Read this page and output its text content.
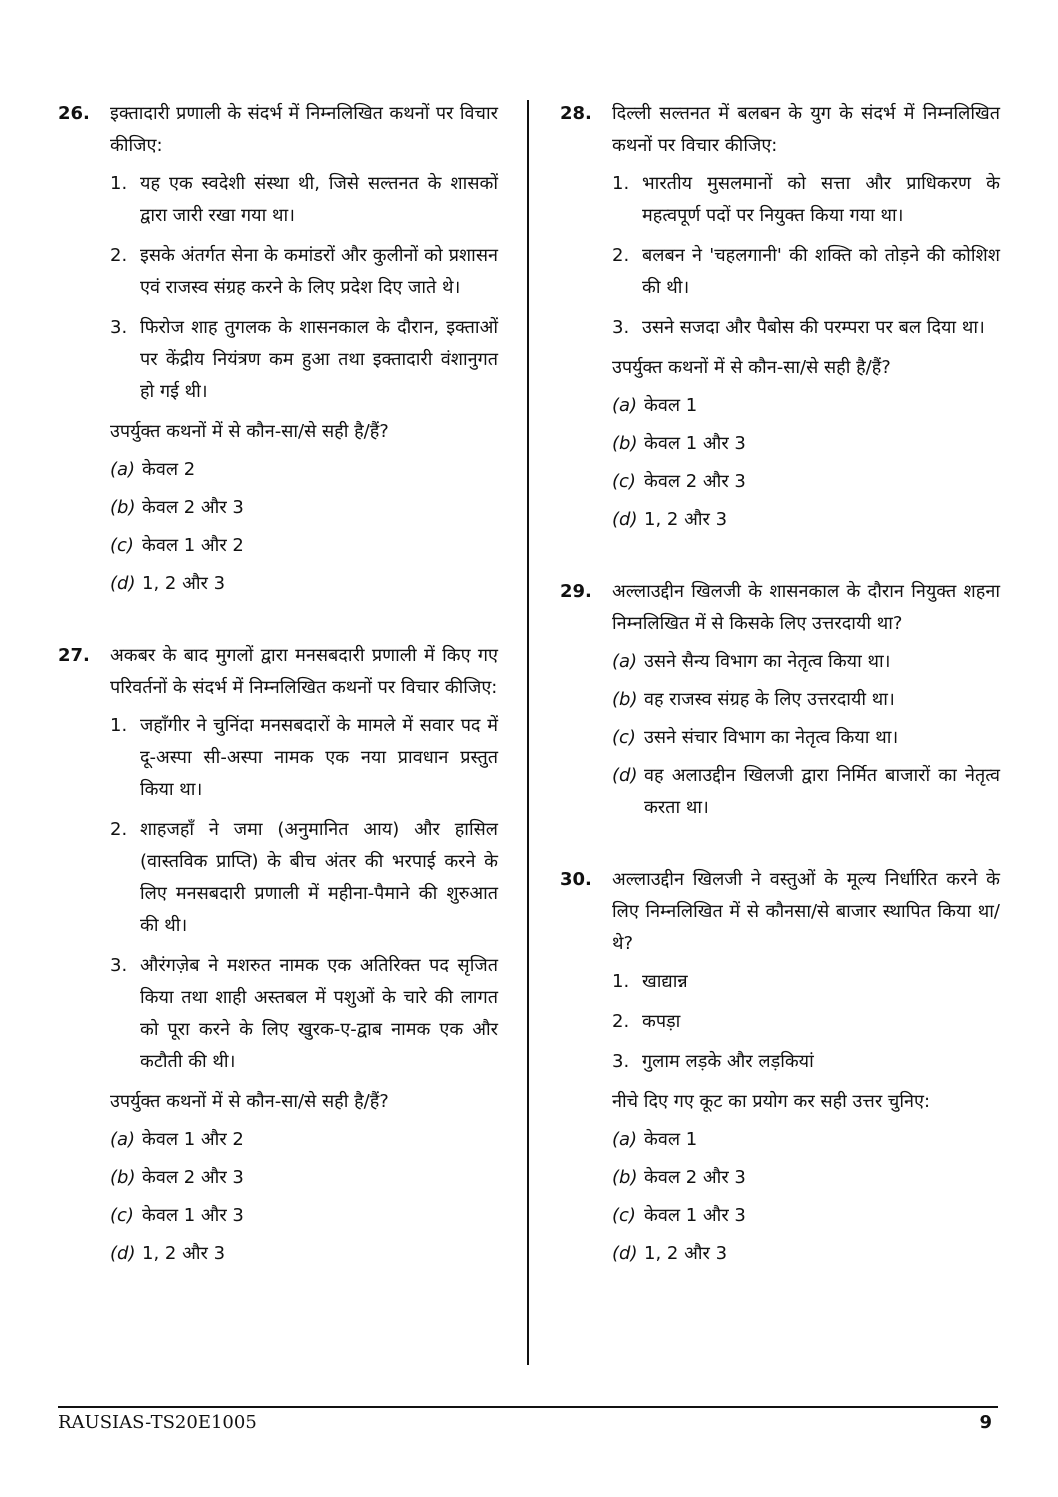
26.	इक्तादारी प्रणाली के संदर्भ में निम्नलिखित कथनों पर विचार कीजिए:
1. यह एक स्वदेशी संस्था थी, जिसे सल्तनत के शासकों द्वारा जारी रखा गया था।
2. इसके अंतर्गत सेना के कमांडरों और कुलीनों को प्रशासन एवं राजस्व संग्रह करने के लिए प्रदेश दिए जाते थे।
3. फिरोज शाह तुगलक के शासनकाल के दौरान, इक्ताओं पर केंद्रीय नियंत्रण कम हुआ तथा इक्तादारी वंशानुगत हो गई थी।
उपर्युक्त कथनों में से कौन-सा/से सही है/हैं?
(a) केवल 2
(b) केवल 2 और 3
(c) केवल 1 और 2
(d) 1, 2 और 3
27.	अकबर के बाद मुगलों द्वारा मनसबदारी प्रणाली में किए गए परिवर्तनों के संदर्भ में निम्नलिखित कथनों पर विचार कीजिए:
1. जहाँगीर ने चुनिंदा मनसबदारों के मामले में सवार पद में दू-अस्पा सी-अस्पा नामक एक नया प्रावधान प्रस्तुत किया था।
2. शाहजहाँ ने जमा (अनुमानित आय) और हासिल (वास्तविक प्राप्ति) के बीच अंतर की भरपाई करने के लिए मनसबदारी प्रणाली में महीना-पैमाने की शुरुआत की थी।
3. औरंगज़ेब ने मशरुत नामक एक अतिरिक्त पद सृजित किया तथा शाही अस्तबल में पशुओं के चारे की लागत को पूरा करने के लिए खुरक-ए-द्वाब नामक एक और कटौती की थी।
उपर्युक्त कथनों में से कौन-सा/से सही है/हैं?
(a) केवल 1 और 2
(b) केवल 2 और 3
(c) केवल 1 और 3
(d) 1, 2 और 3
28.	दिल्ली सल्तनत में बलबन के युग के संदर्भ में निम्नलिखित कथनों पर विचार कीजिए:
1. भारतीय मुसलमानों को सत्ता और प्राधिकरण के महत्वपूर्ण पदों पर नियुक्त किया गया था।
2. बलबन ने 'चहलगानी' की शक्ति को तोड़ने की कोशिश की थी।
3. उसने सजदा और पैबोस की परम्परा पर बल दिया था।
उपर्युक्त कथनों में से कौन-सा/से सही है/हैं?
(a) केवल 1
(b) केवल 1 और 3
(c) केवल 2 और 3
(d) 1, 2 और 3
29.	अल्लाउद्दीन खिलजी के शासनकाल के दौरान नियुक्त शहना निम्नलिखित में से किसके लिए उत्तरदायी था?
(a) उसने सैन्य विभाग का नेतृत्व किया था।
(b) वह राजस्व संग्रह के लिए उत्तरदायी था।
(c) उसने संचार विभाग का नेतृत्व किया था।
(d) वह अलाउद्दीन खिलजी द्वारा निर्मित बाजारों का नेतृत्व करता था।
30.	अल्लाउद्दीन खिलजी ने वस्तुओं के मूल्य निर्धारित करने के लिए निम्नलिखित में से कौनसा/से बाजार स्थापित किया था/थे?
1. खाद्यान्न
2. कपड़ा
3. गुलाम लड़के और लड़कियां
नीचे दिए गए कूट का प्रयोग कर सही उत्तर चुनिए:
(a) केवल 1
(b) केवल 2 और 3
(c) केवल 1 और 3
(d) 1, 2 और 3
RAUSIAS-TS20E1005	9
